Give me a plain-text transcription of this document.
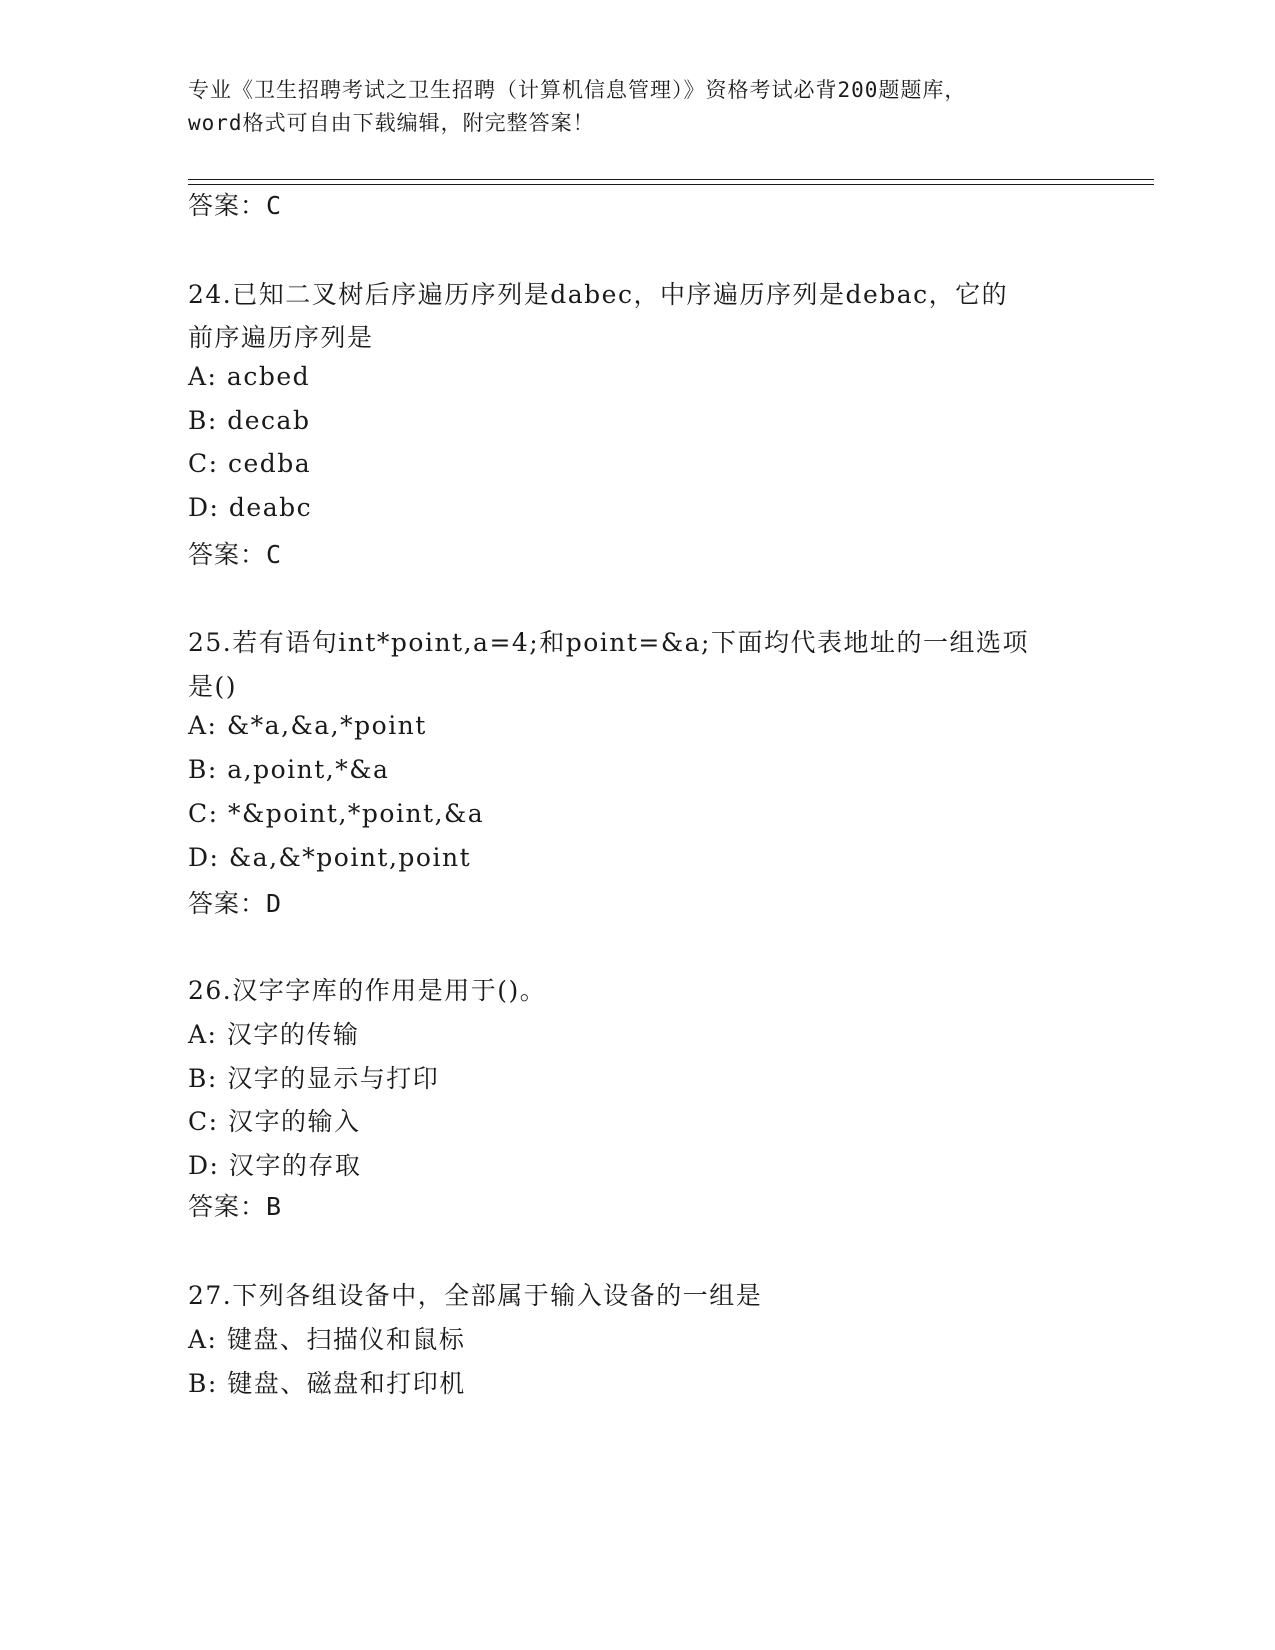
专业《卫生招聘考试之卫生招聘（计算机信息管理）》资格考试必背200题题库，
word格式可自由下载编辑，附完整答案！
答案：C
24.已知二叉树后序遍历序列是dabec，中序遍历序列是debac，它的
前序遍历序列是
A: acbed
B: decab
C: cedba
D: deabc
答案：C
25.若有语句int*point,a=4;和point=&a;下面均代表地址的一组选项
是()
A: &*a,&a,*point
B: a,point,*&a
C: *&point,*point,&a
D: &a,&*point,point
答案：D
26.汉字字库的作用是用于()。
A: 汉字的传输
B: 汉字的显示与打印
C: 汉字的输入
D: 汉字的存取
答案：B
27.下列各组设备中，全部属于输入设备的一组是
A: 键盘、扫描仪和鼠标
B: 键盘、磁盘和打印机
